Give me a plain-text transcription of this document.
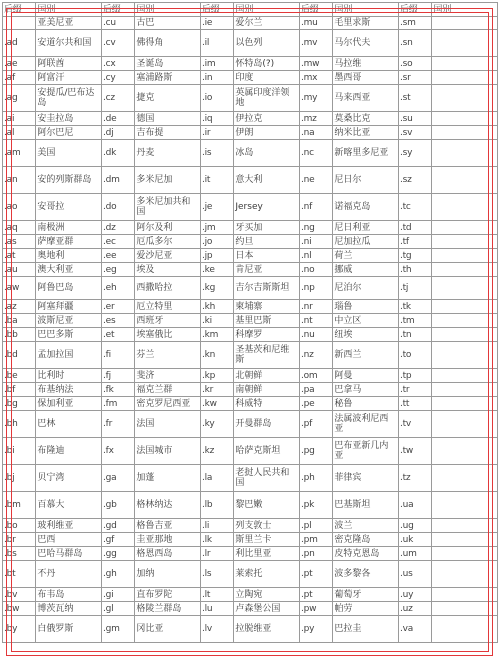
后缀	国别	后缀	国别	后缀	国别	后缀	国别	后缀	国别
	亚美尼亚	.cu	古巴	.ie	爱尔兰	.mu	毛里求斯	.sm	
.ad	安道尔共和国	.cv	佛得角	.il	以色列	.mv	马尔代夫	.sn	
.ae	阿联酋	.cx	圣诞岛	.im	怀特岛(?)	.mw	马拉维	.so	
.af	阿富汗	.cy	塞浦路斯	.in	印度	.mx	墨西哥	.sr	
.ag	安提瓜/巴布达岛	.cz	捷克	.io	英属印度洋领地	.my	马来西亚	.st	
.ai	安圭拉岛	.de	德国	.iq	伊拉克	.mz	莫桑比克	.su	
.al	阿尔巴尼	.dj	吉布提	.ir	伊朗	.na	纳米比亚	.sv	
.am	美国	.dk	丹麦	.is	冰岛	.nc	新喀里多尼亚	.sy	
.an	安的列斯群岛	.dm	多米尼加	.it	意大利	.ne	尼日尔	.sz	
.ao	安哥拉	.do	多米尼加共和国	.je	Jersey	.nf	诺福克岛	.tc	
.aq	南极洲	.dz	阿尔及利	.jm	牙买加	.ng	尼日利亚	.td	
.as	萨摩亚群	.ec	厄瓜多尔	.jo	约旦	.ni	尼加拉瓜	.tf	
.at	奥地利	.ee	爱沙尼亚	.jp	日本	.nl	荷兰	.tg	
.au	澳大利亚	.eg	埃及	.ke	肯尼亚	.no	挪威	.th	
.aw	阿鲁巴岛	.eh	西撒哈拉	.kg	吉尔吉斯斯坦	.np	尼泊尔	.tj	
.az	阿塞拜疆	.er	厄立特里	.kh	柬埔寨	.nr	瑙鲁	.tk	
.ba	波斯尼亚	.es	西班牙	.ki	基里巴斯	.nt	中立区	.tm	
.bb	巴巴多斯	.et	埃塞俄比	.km	科摩罗	.nu	纽埃	.tn	
.bd	孟加拉国	.fi	芬兰	.kn	圣基茨和尼维斯	.nz	新西兰	.to	
.be	比利时	.fj	斐济	.kp	北朝鲜	.om	阿曼	.tp	
.bf	布基纳法	.fk	福克兰群	.kr	南朝鲜	.pa	巴拿马	.tr	
.bg	保加利亚	.fm	密克罗尼西亚	.kw	科威特	.pe	秘鲁	.tt	
.bh	巴林	.fr	法国	.ky	开曼群岛	.pf	法属波利尼西亚	.tv	
.bi	布隆迪	.fx	法国城市	.kz	哈萨克斯坦	.pg	巴布亚新几内亚	.tw	
.bj	贝宁湾	.ga	加蓬	.la	老挝人民共和国	.ph	菲律宾	.tz	
.bm	百慕大	.gb	格林纳达	.lb	黎巴嫩	.pk	巴基斯坦	.ua	
.bo	玻利维亚	.gd	格鲁吉亚	.li	列支敦士	.pl	波兰	.ug	
.br	巴西	.gf	圭亚那地	.lk	斯里兰卡	.pm	密克隆岛	.uk	
.bs	巴哈马群岛	.gg	格恩西岛	.lr	利比里亚	.pn	皮特克恩岛	.um	
.bt	不丹	.gh	加纳	.ls	莱索托	.pt	波多黎各	.us	
.bv	布韦岛	.gi	直布罗陀	.lt	立陶宛	.pt	葡萄牙	.uy	
.bw	博茨瓦纳	.gl	格陵兰群岛	.lu	卢森堡公国	.pw	帕劳	.uz	
.by	白俄罗斯	.gm	冈比亚	.lv	拉脱维亚	.py	巴拉圭	.va	
